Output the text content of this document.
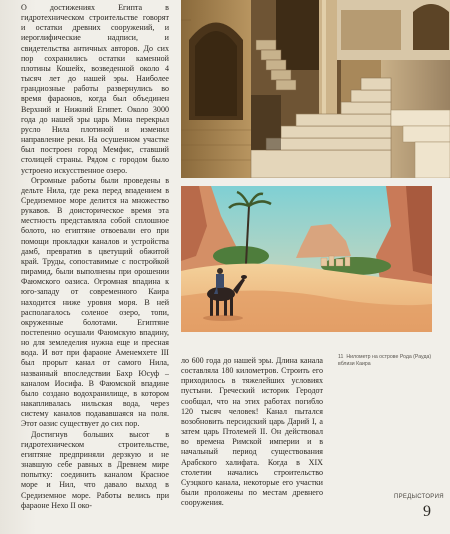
О достижениях Египта в гидротехническом строительстве говорят и остатки древних сооружений, и иероглифические надписи, и свидетельства античных авторов. До сих пор сохранились остатки каменной плотины Кошейх, возведенной около 4 тысяч лет до нашей эры. Наиболее грандиозные работы развернулись во время фараонов, когда был объединен Верхний и Нижний Египет. Около 3000 года до нашей эры царь Мина перекрыл русло Нила плотиной и изменил направление реки. На осушенном участке был построен город Мемфис, ставший столицей страны. Рядом с городом было устроено искусственное озеро.

Огромные работы были проведены в дельте Нила, где река перед впадением в Средиземное море делится на множество рукавов. В доисторическое время эта местность представляла собой сплошное болото, но египтяне отвоевали его при помощи прокладки каналов и устройства дамб, превратив в цветущий обжитой край. Труды, сопоставимые с постройкой пирамид, были выполнены при орошении Фаюмского оазиса. Огромная впадина к юго-западу от современного Каира находится ниже уровня моря. В ней располагалось соленое озеро, топи, окруженные болотами. Египтяне постепенно осушали Фаюмскую впадину, но для земледелия нужна еще и пресная вода. И вот при фараоне Аменемхете III был прорыт канал от самого Нила, названный впоследствии Бахр Юсуф – каналом Иосифа. В Фаюмской впадине было создано водохранилище, в котором накапливалась нильская вода, через систему каналов подававшаяся на поля. Этот оазис существует до сих пор.

Достигнув больших высот в гидротехническом строительстве, египтяне предприняли дерзкую и не знавшую себе равных в Древнем мире попытку: соединить каналом Красное море и Нил, что давало выход в Средиземное море. Работы велись при фараоне Нехо II око-

ло 600 года до нашей эры. Длина канала составляла 180 километров. Строить его приходилось в тяжелейших условиях пустыни. Греческий историк Геродот сообщал, что на этих работах погибло 120 тысяч человек! Канал пытался возобновить персидский царь Дарий I, а затем царь Птолемей II. Он действовал во времена Римской империи и в начальный период существования Арабского халифата. Когда в XIX столетии начались строительство Суэцкого канала, некоторые его участки были проложены по местам древнего сооружения.

11 Нилометр на острове Рода (Рауда) вблизи Каира
ПРЕДЫСТОРИЯ
9
